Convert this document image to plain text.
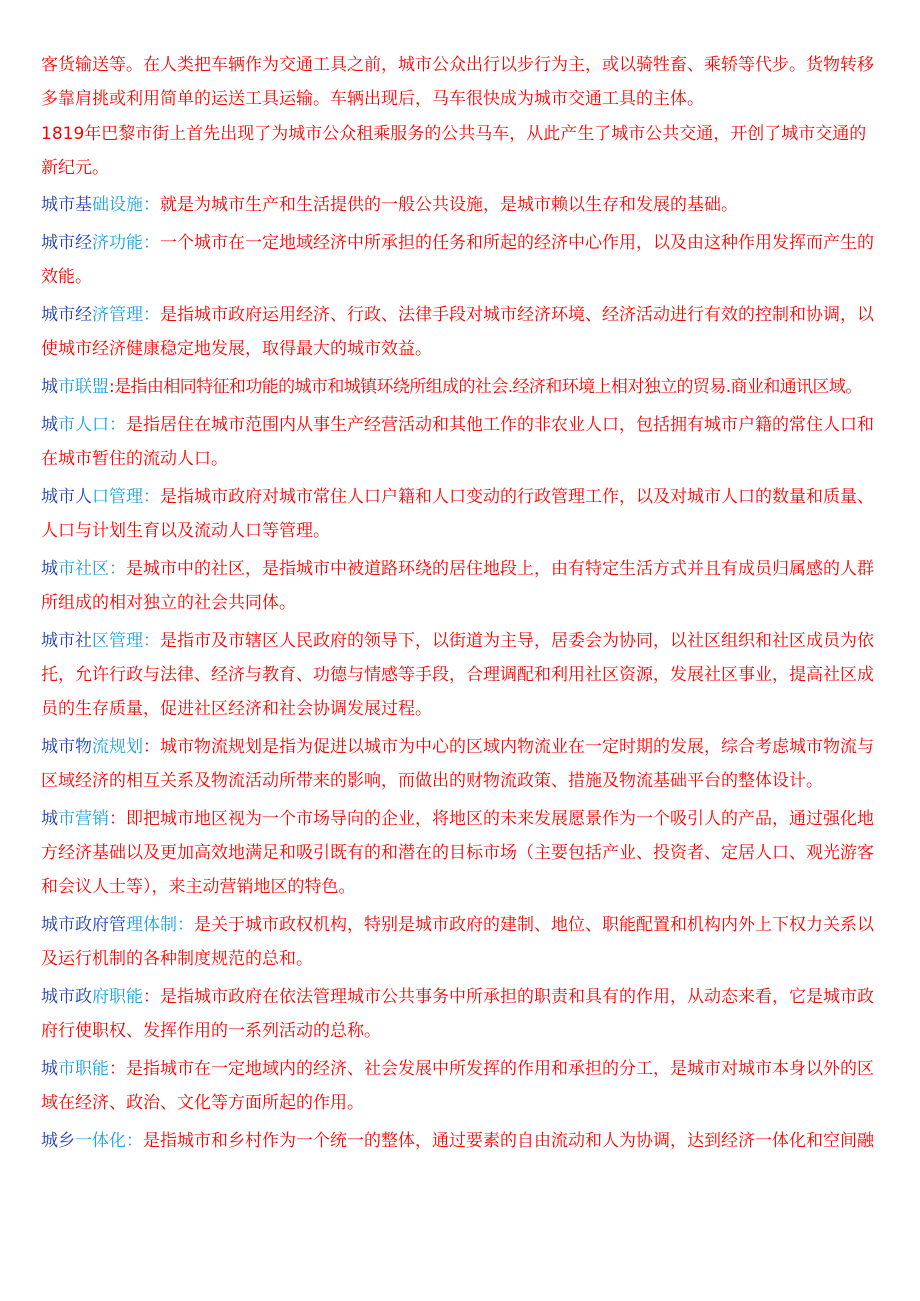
客货输送等。在人类把车辆作为交通工具之前，城市公众出行以步行为主，或以骑牲畜、乘轿等代步。货物转移多靠肩挑或利用简单的运送工具运输。车辆出现后，马车很快成为城市交通工具的主体。

1819年巴黎市街上首先出现了为城市公众租乘服务的公共马车，从此产生了城市公共交通，开创了城市交通的新纪元。

城市基础设施：就是为城市生产和生活提供的一般公共设施，是城市赖以生存和发展的基础。

城市经济功能：一个城市在一定地域经济中所承担的任务和所起的经济中心作用，以及由这种作用发挥而产生的效能。

城市经济管理：是指城市政府运用经济、行政、法律手段对城市经济环境、经济活动进行有效的控制和协调，以使城市经济健康稳定地发展，取得最大的城市效益。

城市联盟:是指由相同特征和功能的城市和城镇环绕所组成的社会.经济和环境上相对独立的贸易.商业和通讯区域。

城市人口：是指居住在城市范围内从事生产经营活动和其他工作的非农业人口，包括拥有城市户籍的常住人口和在城市暂住的流动人口。

城市人口管理：是指城市政府对城市常住人口户籍和人口变动的行政管理工作，以及对城市人口的数量和质量、人口与计划生育以及流动人口等管理。

城市社区：是城市中的社区，是指城市中被道路环绕的居住地段上，由有特定生活方式并且有成员归属感的人群所组成的相对独立的社会共同体。

城市社区管理：是指市及市辖区人民政府的领导下，以街道为主导，居委会为协同，以社区组织和社区成员为依托，允许行政与法律、经济与教育、功德与情感等手段，合理调配和利用社区资源，发展社区事业，提高社区成员的生存质量，促进社区经济和社会协调发展过程。

城市物流规划：城市物流规划是指为促进以城市为中心的区域内物流业在一定时期的发展，综合考虑城市物流与区域经济的相互关系及物流活动所带来的影响，而做出的财物流政策、措施及物流基础平台的整体设计。

城市营销：即把城市地区视为一个市场导向的企业，将地区的未来发展愿景作为一个吸引人的产品，通过强化地方经济基础以及更加高效地满足和吸引既有的和潜在的目标市场（主要包括产业、投资者、定居人口、观光游客和会议人士等），来主动营销地区的特色。

城市政府管理体制：是关于城市政权机构，特别是城市政府的建制、地位、职能配置和机构内外上下权力关系以及运行机制的各种制度规范的总和。

城市政府职能：是指城市政府在依法管理城市公共事务中所承担的职责和具有的作用，从动态来看，它是城市政府行使职权、发挥作用的一系列活动的总称。

城市职能：是指城市在一定地域内的经济、社会发展中所发挥的作用和承担的分工，是城市对城市本身以外的区域在经济、政治、文化等方面所起的作用。

城乡一体化：是指城市和乡村作为一个统一的整体，通过要素的自由流动和人为协调，达到经济一体化和空间融
